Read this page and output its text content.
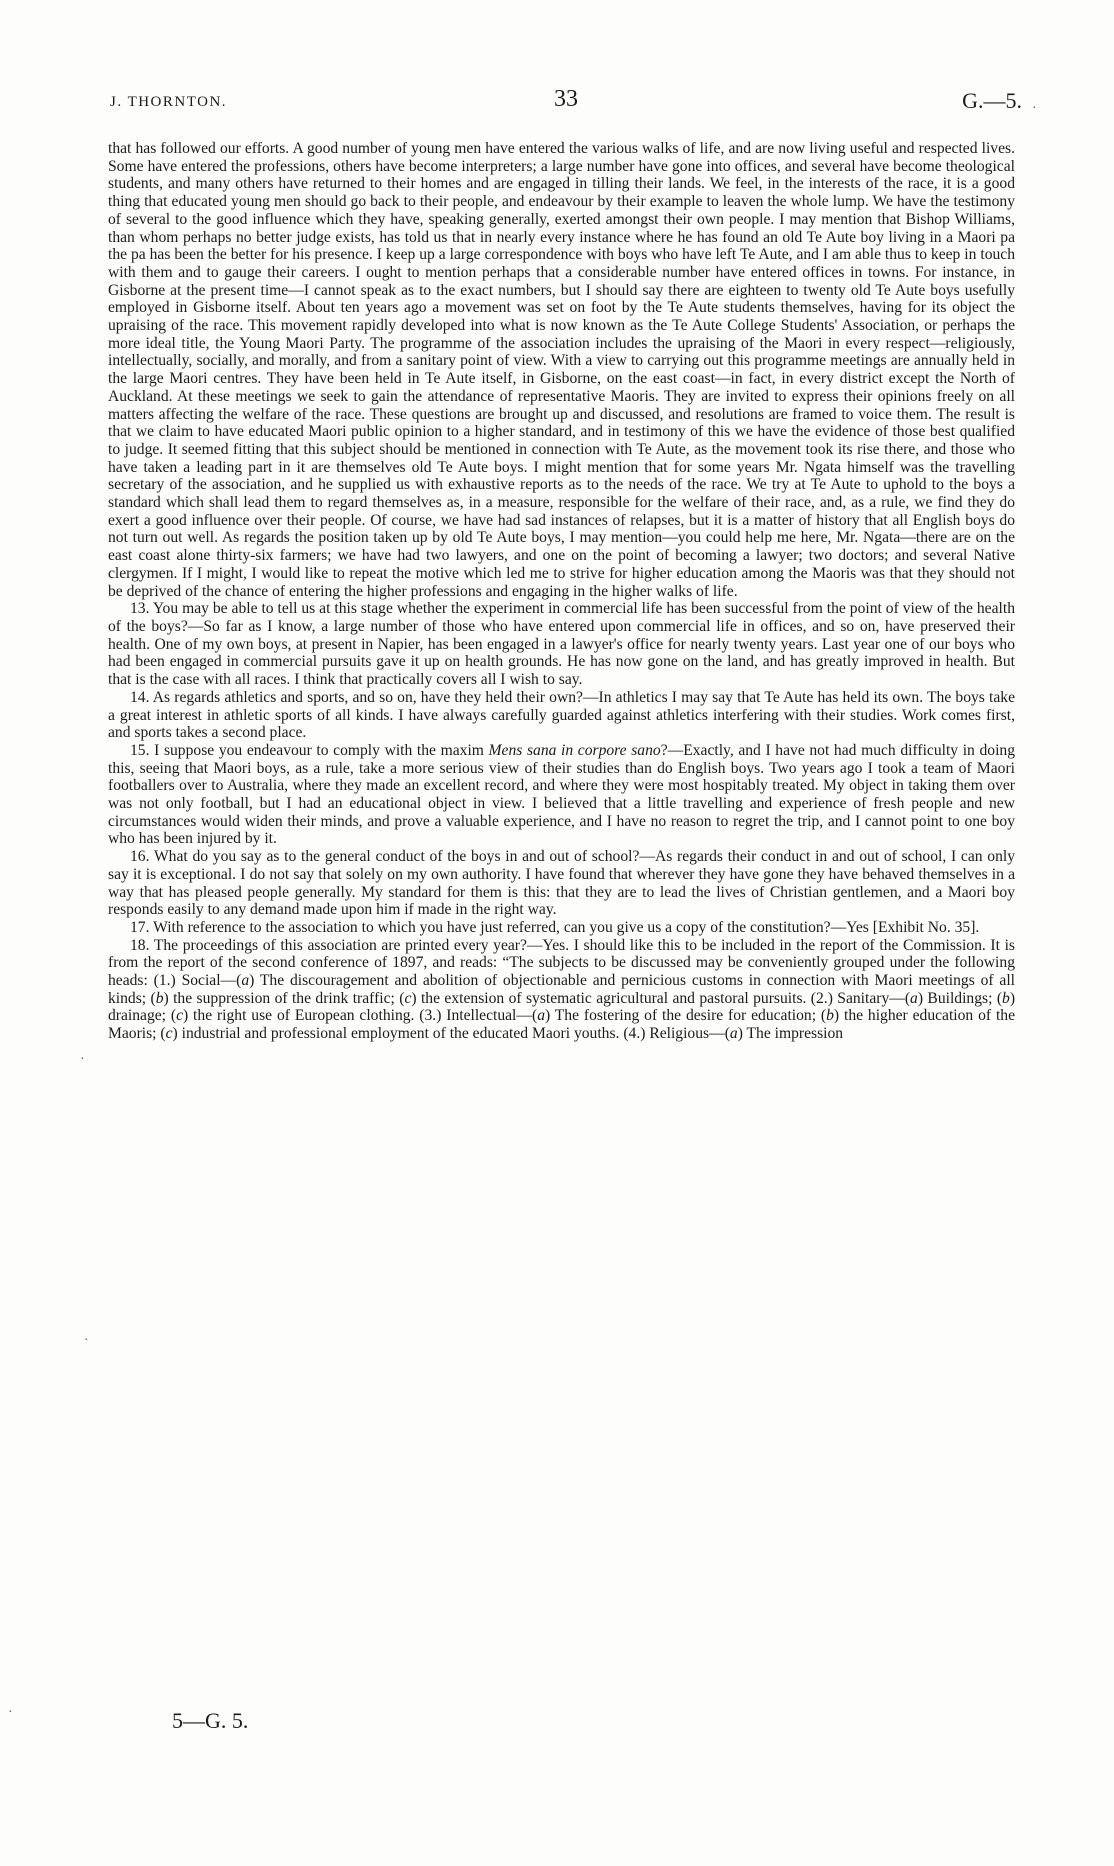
J. THORNTON.	33	G.—5.

that has followed our efforts. A good number of young men have entered the various walks of life, and are now living useful and respected lives. Some have entered the professions, others have become interpreters; a large number have gone into offices, and several have become theological students, and many others have returned to their homes and are engaged in tilling their lands. We feel, in the interests of the race, it is a good thing that educated young men should go back to their people, and endeavour by their example to leaven the whole lump. We have the testimony of several to the good influence which they have, speaking generally, exerted amongst their own people. I may mention that Bishop Williams, than whom perhaps no better judge exists, has told us that in nearly every instance where he has found an old Te Aute boy living in a Maori pa the pa has been the better for his presence. I keep up a large correspondence with boys who have left Te Aute, and I am able thus to keep in touch with them and to gauge their careers. I ought to mention perhaps that a considerable number have entered offices in towns. For instance, in Gisborne at the present time—I cannot speak as to the exact numbers, but I should say there are eighteen to twenty old Te Aute boys usefully employed in Gisborne itself. About ten years ago a movement was set on foot by the Te Aute students themselves, having for its object the upraising of the race. This movement rapidly developed into what is now known as the Te Aute College Students' Association, or perhaps the more ideal title, the Young Maori Party. The programme of the association includes the upraising of the Maori in every respect—religiously, intellectually, socially, and morally, and from a sanitary point of view. With a view to carrying out this programme meetings are annually held in the large Maori centres. They have been held in Te Aute itself, in Gisborne, on the east coast—in fact, in every district except the North of Auckland. At these meetings we seek to gain the attendance of representative Maoris. They are invited to express their opinions freely on all matters affecting the welfare of the race. These questions are brought up and discussed, and resolutions are framed to voice them. The result is that we claim to have educated Maori public opinion to a higher standard, and in testimony of this we have the evidence of those best qualified to judge. It seemed fitting that this subject should be mentioned in connection with Te Aute, as the movement took its rise there, and those who have taken a leading part in it are themselves old Te Aute boys. I might mention that for some years Mr. Ngata himself was the travelling secretary of the association, and he supplied us with exhaustive reports as to the needs of the race. We try at Te Aute to uphold to the boys a standard which shall lead them to regard themselves as, in a measure, responsible for the welfare of their race, and, as a rule, we find they do exert a good influence over their people. Of course, we have had sad instances of relapses, but it is a matter of history that all English boys do not turn out well. As regards the position taken up by old Te Aute boys, I may mention—you could help me here, Mr. Ngata—there are on the east coast alone thirty-six farmers; we have had two lawyers, and one on the point of becoming a lawyer; two doctors; and several Native clergymen. If I might, I would like to repeat the motive which led me to strive for higher education among the Maoris was that they should not be deprived of the chance of entering the higher professions and engaging in the higher walks of life.

13. You may be able to tell us at this stage whether the experiment in commercial life has been successful from the point of view of the health of the boys?—So far as I know, a large number of those who have entered upon commercial life in offices, and so on, have preserved their health. One of my own boys, at present in Napier, has been engaged in a lawyer's office for nearly twenty years. Last year one of our boys who had been engaged in commercial pursuits gave it up on health grounds. He has now gone on the land, and has greatly improved in health. But that is the case with all races. I think that practically covers all I wish to say.

14. As regards athletics and sports, and so on, have they held their own?—In athletics I may say that Te Aute has held its own. The boys take a great interest in athletic sports of all kinds. I have always carefully guarded against athletics interfering with their studies. Work comes first, and sports takes a second place.

15. I suppose you endeavour to comply with the maxim Mens sana in corpore sano?—Exactly, and I have not had much difficulty in doing this, seeing that Maori boys, as a rule, take a more serious view of their studies than do English boys. Two years ago I took a team of Maori footballers over to Australia, where they made an excellent record, and where they were most hospitably treated. My object in taking them over was not only football, but I had an educational object in view. I believed that a little travelling and experience of fresh people and new circumstances would widen their minds, and prove a valuable experience, and I have no reason to regret the trip, and I cannot point to one boy who has been injured by it.

16. What do you say as to the general conduct of the boys in and out of school?—As regards their conduct in and out of school, I can only say it is exceptional. I do not say that solely on my own authority. I have found that wherever they have gone they have behaved themselves in a way that has pleased people generally. My standard for them is this: that they are to lead the lives of Christian gentlemen, and a Maori boy responds easily to any demand made upon him if made in the right way.

17. With reference to the association to which you have just referred, can you give us a copy of the constitution?—Yes [Exhibit No. 35].

18. The proceedings of this association are printed every year?—Yes. I should like this to be included in the report of the Commission. It is from the report of the second conference of 1897, and reads: “The subjects to be discussed may be conveniently grouped under the following heads: (1.) Social—(a) The discouragement and abolition of objectionable and pernicious customs in connection with Maori meetings of all kinds; (b) the suppression of the drink traffic; (c) the extension of systematic agricultural and pastoral pursuits. (2.) Sanitary—(a) Buildings; (b) drainage; (c) the right use of European clothing. (3.) Intellectual—(a) The fostering of the desire for education; (b) the higher education of the Maoris; (c) industrial and professional employment of the educated Maori youths. (4.) Religious—(a) The impression

5—G. 5.
·
·
·
·
